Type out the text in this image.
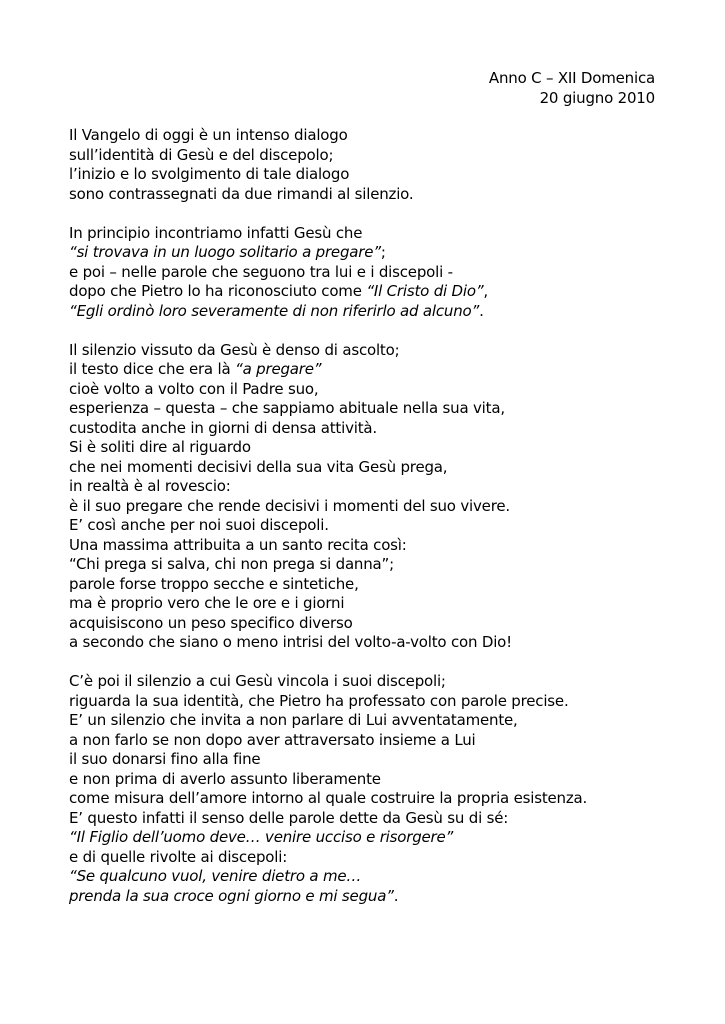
Anno C – XII Domenica
20 giugno 2010
Il Vangelo di oggi è un intenso dialogo
sull’identità di Gesù e del discepolo;
l’inizio e lo svolgimento di tale dialogo
sono contrassegnati da due rimandi al silenzio.
In principio incontriamo infatti Gesù che
“si trovava in un luogo solitario a pregare”;
e poi – nelle parole che seguono tra lui e i discepoli -
dopo che Pietro lo ha riconosciuto come “Il Cristo di Dio”,
“Egli ordinò loro severamente di non riferirlo ad alcuno”.
Il silenzio vissuto da Gesù è denso di ascolto;
il testo dice che era là “a pregare”
cioè volto a volto con il Padre suo,
esperienza – questa – che sappiamo abituale nella sua vita,
custodita anche in giorni di densa attività.
Si è soliti dire al riguardo
che nei momenti decisivi della sua vita Gesù prega,
in realtà è al rovescio:
è il suo pregare che rende decisivi i momenti del suo vivere.
E’ così anche per noi suoi discepoli.
Una massima attribuita a un santo recita così:
“Chi prega si salva, chi non prega si danna”;
parole forse troppo secche e sintetiche,
ma è proprio vero che le ore e i giorni
acquisiscono un peso specifico diverso
a secondo che siano o meno intrisi del volto-a-volto con Dio!
C’è poi il silenzio a cui Gesù vincola i suoi discepoli;
riguarda la sua identità, che Pietro ha professato con parole precise.
E’ un silenzio che invita a non parlare di Lui avventatamente,
a non farlo se non dopo aver attraversato insieme a Lui
il suo donarsi fino alla fine
e non prima di averlo assunto liberamente
come misura dell’amore intorno al quale costruire la propria esistenza.
E’ questo infatti il senso delle parole dette da Gesù su di sé:
“Il Figlio dell’uomo deve… venire ucciso e risorgere”
e di quelle rivolte ai discepoli:
“Se qualcuno vuol, venire dietro a me…
prenda la sua croce ogni giorno e mi segua”.
